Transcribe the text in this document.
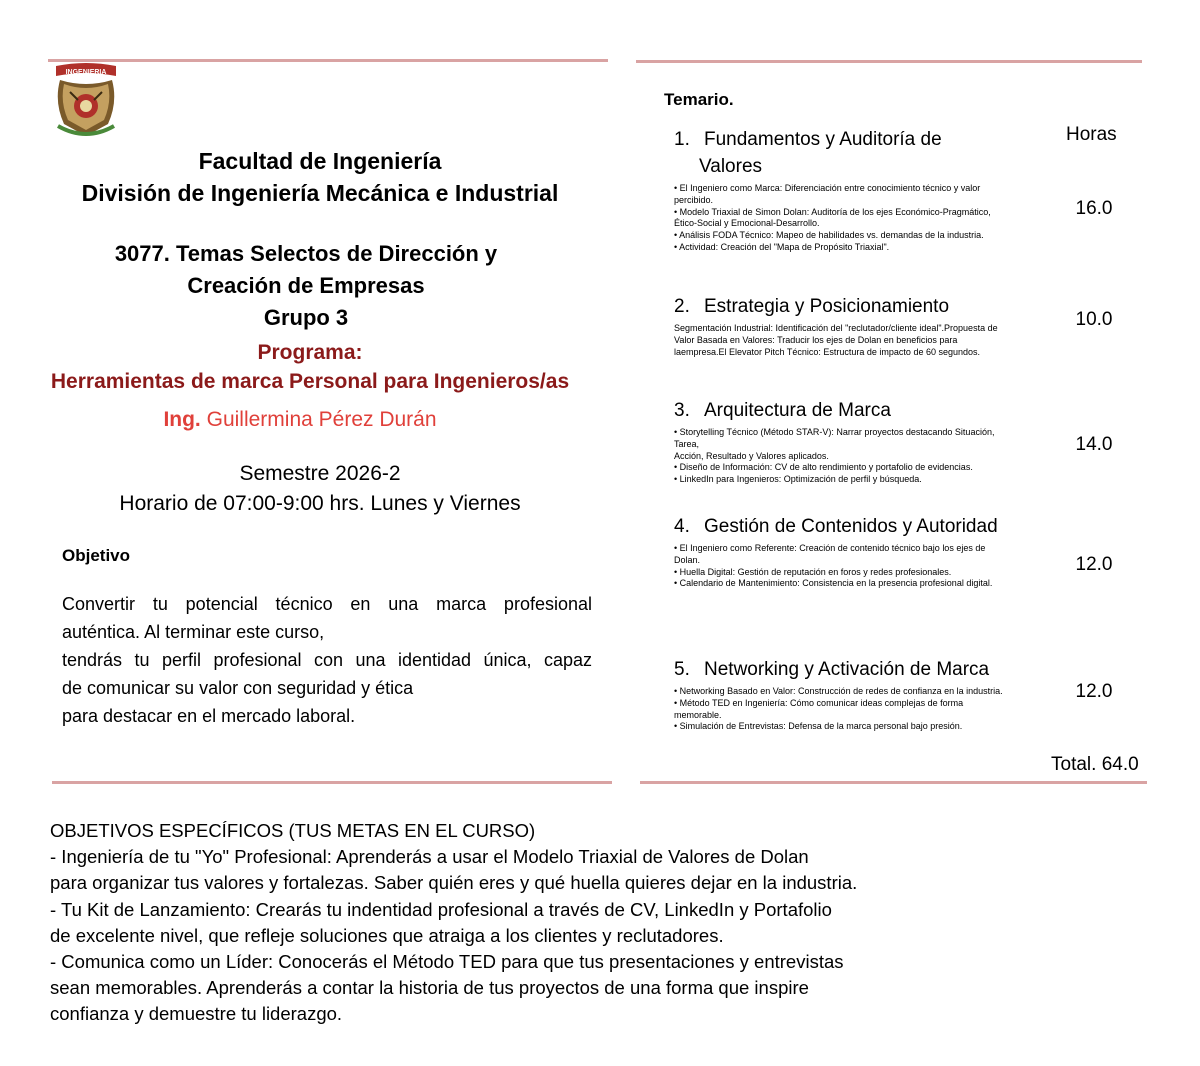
INGENIERIA
Facultad de Ingeniería
División de Ingeniería Mecánica e Industrial
3077. Temas Selectos de Dirección y
Creación de Empresas
Grupo 3
Programa:
Herramientas de marca Personal para Ingenieros/as
Ing. Guillermina Pérez Durán
Semestre 2026-2
Horario de 07:00-9:00 hrs. Lunes y Viernes
Objetivo
Convertir tu potencial técnico en una marca profesional
auténtica. Al terminar este curso,
tendrás tu perfil profesional con una identidad única, capaz
de comunicar su valor con seguridad y ética
para destacar en el mercado laboral.
Temario.
Horas
1. Fundamentos y Auditoría de Valores
• El Ingeniero como Marca: Diferenciación entre conocimiento técnico y valor percibido.
• Modelo Triaxial de Simon Dolan: Auditoría de los ejes Económico-Pragmático, Ético-Social y Emocional-Desarrollo.
• Análisis FODA Técnico: Mapeo de habilidades vs. demandas de la industria.
• Actividad: Creación del "Mapa de Propósito Triaxial".
16.0
2. Estrategia y Posicionamiento
Segmentación Industrial: Identificación del "reclutador/cliente ideal".Propuesta de Valor Basada en Valores: Traducir los ejes de Dolan en beneficios para laempresa.El Elevator Pitch Técnico: Estructura de impacto de 60 segundos.
10.0
3. Arquitectura de Marca
• Storytelling Técnico (Método STAR-V): Narrar proyectos destacando Situación, Tarea,
Acción, Resultado y Valores aplicados.
• Diseño de Información: CV de alto rendimiento y portafolio de evidencias.
• LinkedIn para Ingenieros: Optimización de perfil y búsqueda.
14.0
4. Gestión de Contenidos y Autoridad
• El Ingeniero como Referente: Creación de contenido técnico bajo los ejes de Dolan.
• Huella Digital: Gestión de reputación en foros y redes profesionales.
• Calendario de Mantenimiento: Consistencia en la presencia profesional digital.
12.0
5. Networking y Activación de Marca
• Networking Basado en Valor: Construcción de redes de confianza en la industria.
• Método TED en Ingeniería: Cómo comunicar ideas complejas de forma memorable.
• Simulación de Entrevistas: Defensa de la marca personal bajo presión.
12.0
Total. 64.0
OBJETIVOS ESPECÍFICOS (TUS METAS EN EL CURSO)
- Ingeniería de tu "Yo" Profesional: Aprenderás a usar el Modelo Triaxial de Valores de Dolan
para organizar tus valores y fortalezas. Saber quién eres y qué huella quieres dejar en la industria.
- Tu Kit de Lanzamiento: Crearás tu indentidad profesional a través de CV, LinkedIn y Portafolio
de excelente nivel, que refleje soluciones que atraiga a los clientes y reclutadores.
- Comunica como un Líder: Conocerás el Método TED para que tus presentaciones y entrevistas
sean memorables. Aprenderás a contar la historia de tus proyectos de una forma que inspire
confianza y demuestre tu liderazgo.
